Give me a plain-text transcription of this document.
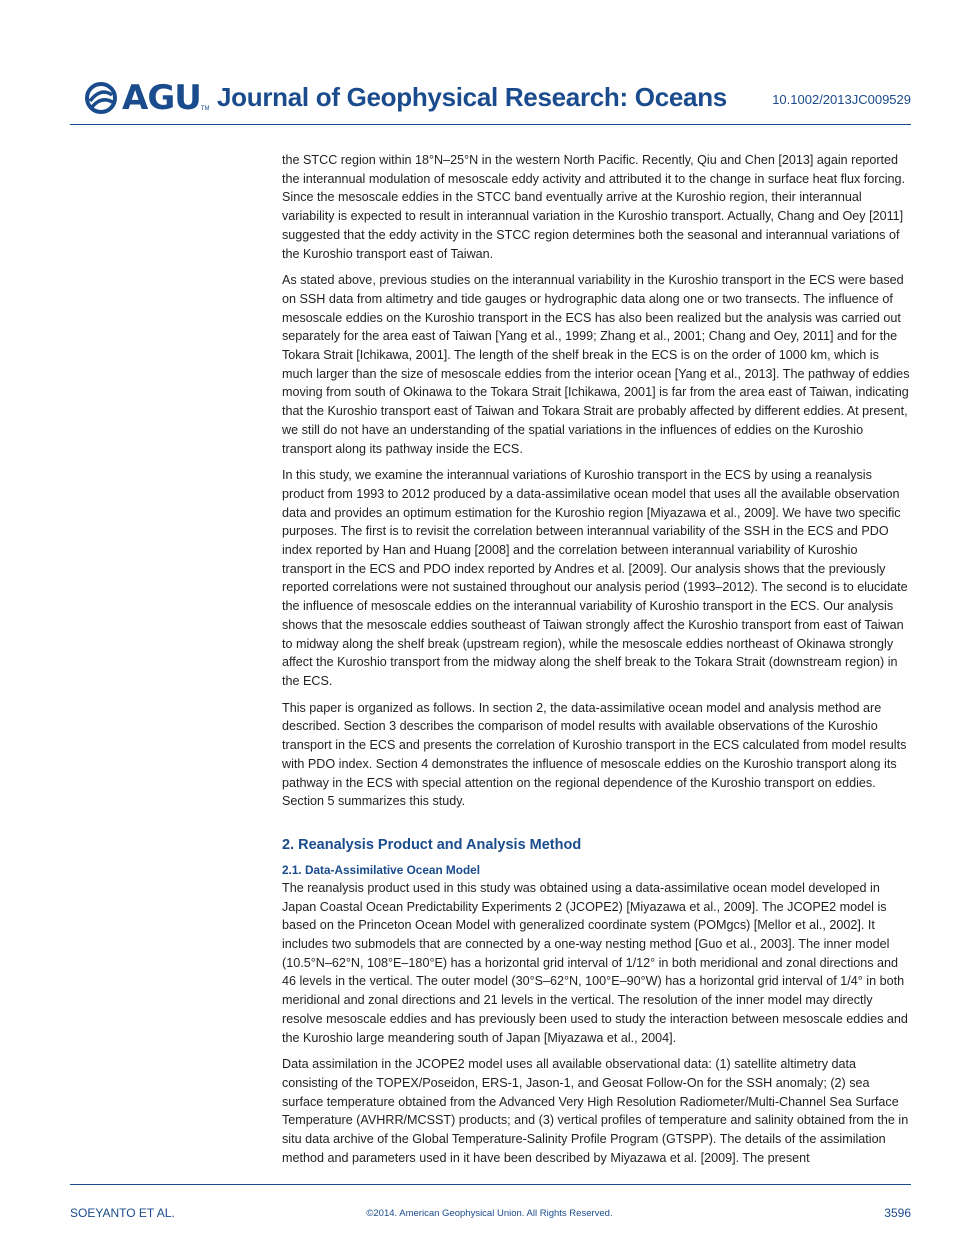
AGU TM Journal of Geophysical Research: Oceans	10.1002/2013JC009529

the STCC region within 18°N–25°N in the western North Pacific. Recently, Qiu and Chen [2013] again reported the interannual modulation of mesoscale eddy activity and attributed it to the change in surface heat flux forcing. Since the mesoscale eddies in the STCC band eventually arrive at the Kuroshio region, their interannual variability is expected to result in interannual variation in the Kuroshio transport. Actually, Chang and Oey [2011] suggested that the eddy activity in the STCC region determines both the seasonal and interannual variations of the Kuroshio transport east of Taiwan.

As stated above, previous studies on the interannual variability in the Kuroshio transport in the ECS were based on SSH data from altimetry and tide gauges or hydrographic data along one or two transects. The influence of mesoscale eddies on the Kuroshio transport in the ECS has also been realized but the analysis was carried out separately for the area east of Taiwan [Yang et al., 1999; Zhang et al., 2001; Chang and Oey, 2011] and for the Tokara Strait [Ichikawa, 2001]. The length of the shelf break in the ECS is on the order of 1000 km, which is much larger than the size of mesoscale eddies from the interior ocean [Yang et al., 2013]. The pathway of eddies moving from south of Okinawa to the Tokara Strait [Ichikawa, 2001] is far from the area east of Taiwan, indicating that the Kuroshio transport east of Taiwan and Tokara Strait are probably affected by different eddies. At present, we still do not have an understanding of the spatial variations in the influences of eddies on the Kuroshio transport along its pathway inside the ECS.

In this study, we examine the interannual variations of Kuroshio transport in the ECS by using a reanalysis product from 1993 to 2012 produced by a data-assimilative ocean model that uses all the available observation data and provides an optimum estimation for the Kuroshio region [Miyazawa et al., 2009]. We have two specific purposes. The first is to revisit the correlation between interannual variability of the SSH in the ECS and PDO index reported by Han and Huang [2008] and the correlation between interannual variability of Kuroshio transport in the ECS and PDO index reported by Andres et al. [2009]. Our analysis shows that the previously reported correlations were not sustained throughout our analysis period (1993–2012). The second is to elucidate the influence of mesoscale eddies on the interannual variability of Kuroshio transport in the ECS. Our analysis shows that the mesoscale eddies southeast of Taiwan strongly affect the Kuroshio transport from east of Taiwan to midway along the shelf break (upstream region), while the mesoscale eddies northeast of Okinawa strongly affect the Kuroshio transport from the midway along the shelf break to the Tokara Strait (downstream region) in the ECS.

This paper is organized as follows. In section 2, the data-assimilative ocean model and analysis method are described. Section 3 describes the comparison of model results with available observations of the Kuroshio transport in the ECS and presents the correlation of Kuroshio transport in the ECS calculated from model results with PDO index. Section 4 demonstrates the influence of mesoscale eddies on the Kuroshio transport along its pathway in the ECS with special attention on the regional dependence of the Kuroshio transport on eddies. Section 5 summarizes this study.

2. Reanalysis Product and Analysis Method
2.1. Data-Assimilative Ocean Model

The reanalysis product used in this study was obtained using a data-assimilative ocean model developed in Japan Coastal Ocean Predictability Experiments 2 (JCOPE2) [Miyazawa et al., 2009]. The JCOPE2 model is based on the Princeton Ocean Model with generalized coordinate system (POMgcs) [Mellor et al., 2002]. It includes two submodels that are connected by a one-way nesting method [Guo et al., 2003]. The inner model (10.5°N–62°N, 108°E–180°E) has a horizontal grid interval of 1/12° in both meridional and zonal directions and 46 levels in the vertical. The outer model (30°S–62°N, 100°E–90°W) has a horizontal grid interval of 1/4° in both meridional and zonal directions and 21 levels in the vertical. The resolution of the inner model may directly resolve mesoscale eddies and has previously been used to study the interaction between mesoscale eddies and the Kuroshio large meandering south of Japan [Miyazawa et al., 2004].

Data assimilation in the JCOPE2 model uses all available observational data: (1) satellite altimetry data consisting of the TOPEX/Poseidon, ERS-1, Jason-1, and Geosat Follow-On for the SSH anomaly; (2) sea surface temperature obtained from the Advanced Very High Resolution Radiometer/Multi-Channel Sea Surface Temperature (AVHRR/MCSST) products; and (3) vertical profiles of temperature and salinity obtained from the in situ data archive of the Global Temperature-Salinity Profile Program (GTSPP). The details of the assimilation method and parameters used in it have been described by Miyazawa et al. [2009]. The present

SOEYANTO ET AL.	©2014. American Geophysical Union. All Rights Reserved.	3596
